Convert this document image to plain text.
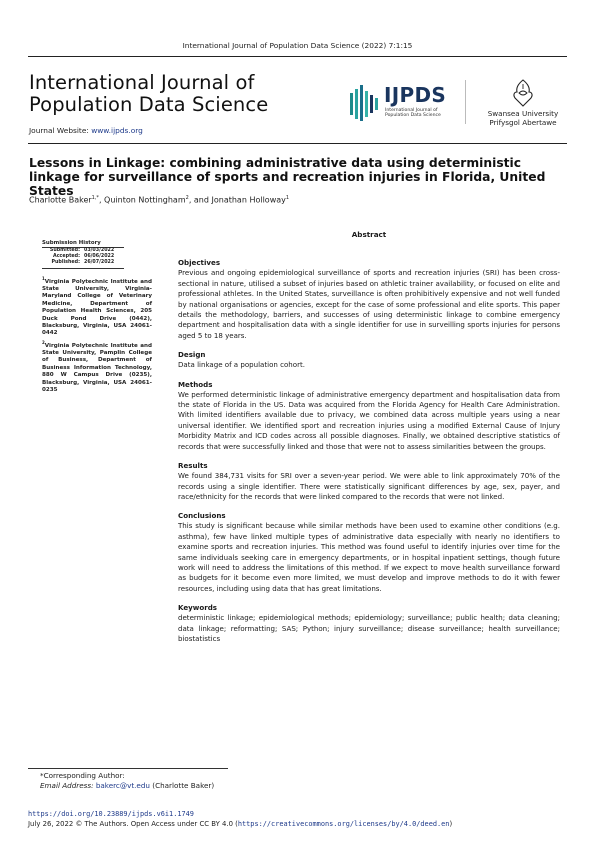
International Journal of Population Data Science (2022) 7:1:15
International Journal of
Population Data Science
Journal Website: www.ijpds.org
IJPDS
International Journal of
Population Data Science	Swansea University
Prifysgol Abertawe
Lessons in Linkage: combining administrative data using deterministic linkage for surveillance of sports and recreation injuries in Florida, United States
Charlotte Baker$^{1,*}$, Quinton Nottingham$^2$, and Jonathan Holloway$^1$
Submission History
Submitted: 03/03/2022
Accepted: 06/06/2022
Published: 26/07/2022
$^1$Virginia Polytechnic Institute and State University, Virginia-Maryland College of Veterinary Medicine, Department of Population Health Sciences, 205 Duck Pond Drive (0442), Blacksburg, Virginia, USA 24061-0442
$^2$Virginia Polytechnic Institute and State University, Pamplin College of Business, Department of Business Information Technology, 880 W Campus Drive (0235), Blacksburg, Virginia, USA 24061-0235
Abstract
Objectives
Previous and ongoing epidemiological surveillance of sports and recreation injuries (SRI) has been cross-sectional in nature, utilised a subset of injuries based on athletic trainer availability, or focused on elite and professional athletes. In the United States, surveillance is often prohibitively expensive and not well funded by national organisations or agencies, except for the case of some professional and elite sports. This paper details the methodology, barriers, and successes of using deterministic linkage to combine emergency department and hospitalisation data with a single identifier for use in surveilling sports injuries for persons aged 5 to 18 years.
Design
Data linkage of a population cohort.
Methods
We performed deterministic linkage of administrative emergency department and hospitalisation data from the state of Florida in the US. Data was acquired from the Florida Agency for Health Care Administration. With limited identifiers available due to privacy, we combined data across multiple years using a near universal identifier. We identified sport and recreation injuries using a modified External Cause of Injury Morbidity Matrix and ICD codes across all possible diagnoses. Finally, we obtained descriptive statistics of records that were successfully linked and those that were not to assess similarities between the groups.
Results
We found 384,731 visits for SRI over a seven-year period. We were able to link approximately 70% of the records using a single identifier. There were statistically significant differences by age, sex, payer, and race/ethnicity for the records that were linked compared to the records that were not linked.
Conclusions
This study is significant because while similar methods have been used to examine other conditions (e.g. asthma), few have linked multiple types of administrative data especially with nearly no identifiers to examine sports and recreation injuries. This method was found useful to identify injuries over time for the same individuals seeking care in emergency departments, or in hospital inpatient settings, though future work will need to address the limitations of this method. If we expect to move health surveillance forward as budgets for it become even more limited, we must develop and improve methods to do it with fewer resources, including using data that has great limitations.
Keywords
deterministic linkage; epidemiological methods; epidemiology; surveillance; public health; data cleaning; data linkage; reformatting; SAS; Python; injury surveillance; disease surveillance; health surveillance; biostatistics
*Corresponding Author:
Email Address: bakerc@vt.edu (Charlotte Baker)
https://doi.org/10.23889/ijpds.v6i1.1749
July 26, 2022 © The Authors. Open Access under CC BY 4.0 (https://creativecommons.org/licenses/by/4.0/deed.en)
